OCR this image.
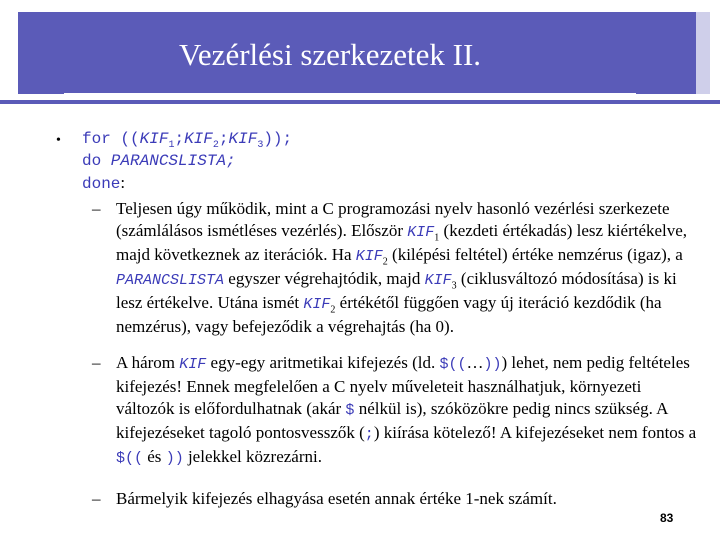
Vezérlési szerkezetek II.
• for $((KIF_1;KIF_2;KIF_3))$;
do PARANCSLISTA;
done:
– Teljesen úgy működik, mint a C programozási nyelv hasonló vezérlési szerkezete (számlálásos ismétléses vezérlés). Először $KIF_1$ (kezdeti értékadás) lesz kiértékelve, majd következnek az iterációk. Ha $KIF_2$ (kilépési feltétel) értéke nemzérus (igaz), a PARANCSLISTA egyszer végrehajtódik, majd $KIF_3$ (ciklusváltozó módosítása) is ki lesz értékelve. Utána ismét $KIF_2$ értékétől függően vagy új iteráció kezdődik (ha nemzérus), vagy befejeződik a végrehajtás (ha 0).
– A három KIF egy-egy aritmetikai kifejezés (ld. $((…))) lehet, nem pedig feltételes kifejezés! Ennek megfelelően a C nyelv műveleteit használhatjuk, környezeti változók is előfordulhatnak (akár $ nélkül is), szóközökre pedig nincs szükség. A kifejezéseket tagoló pontosvesszők (;) kiírása kötelező! A kifejezéseket nem fontos a $(( és )) jelekkel közrezárni.
– Bármelyik kifejezés elhagyása esetén annak értéke 1-nek számít.
83
